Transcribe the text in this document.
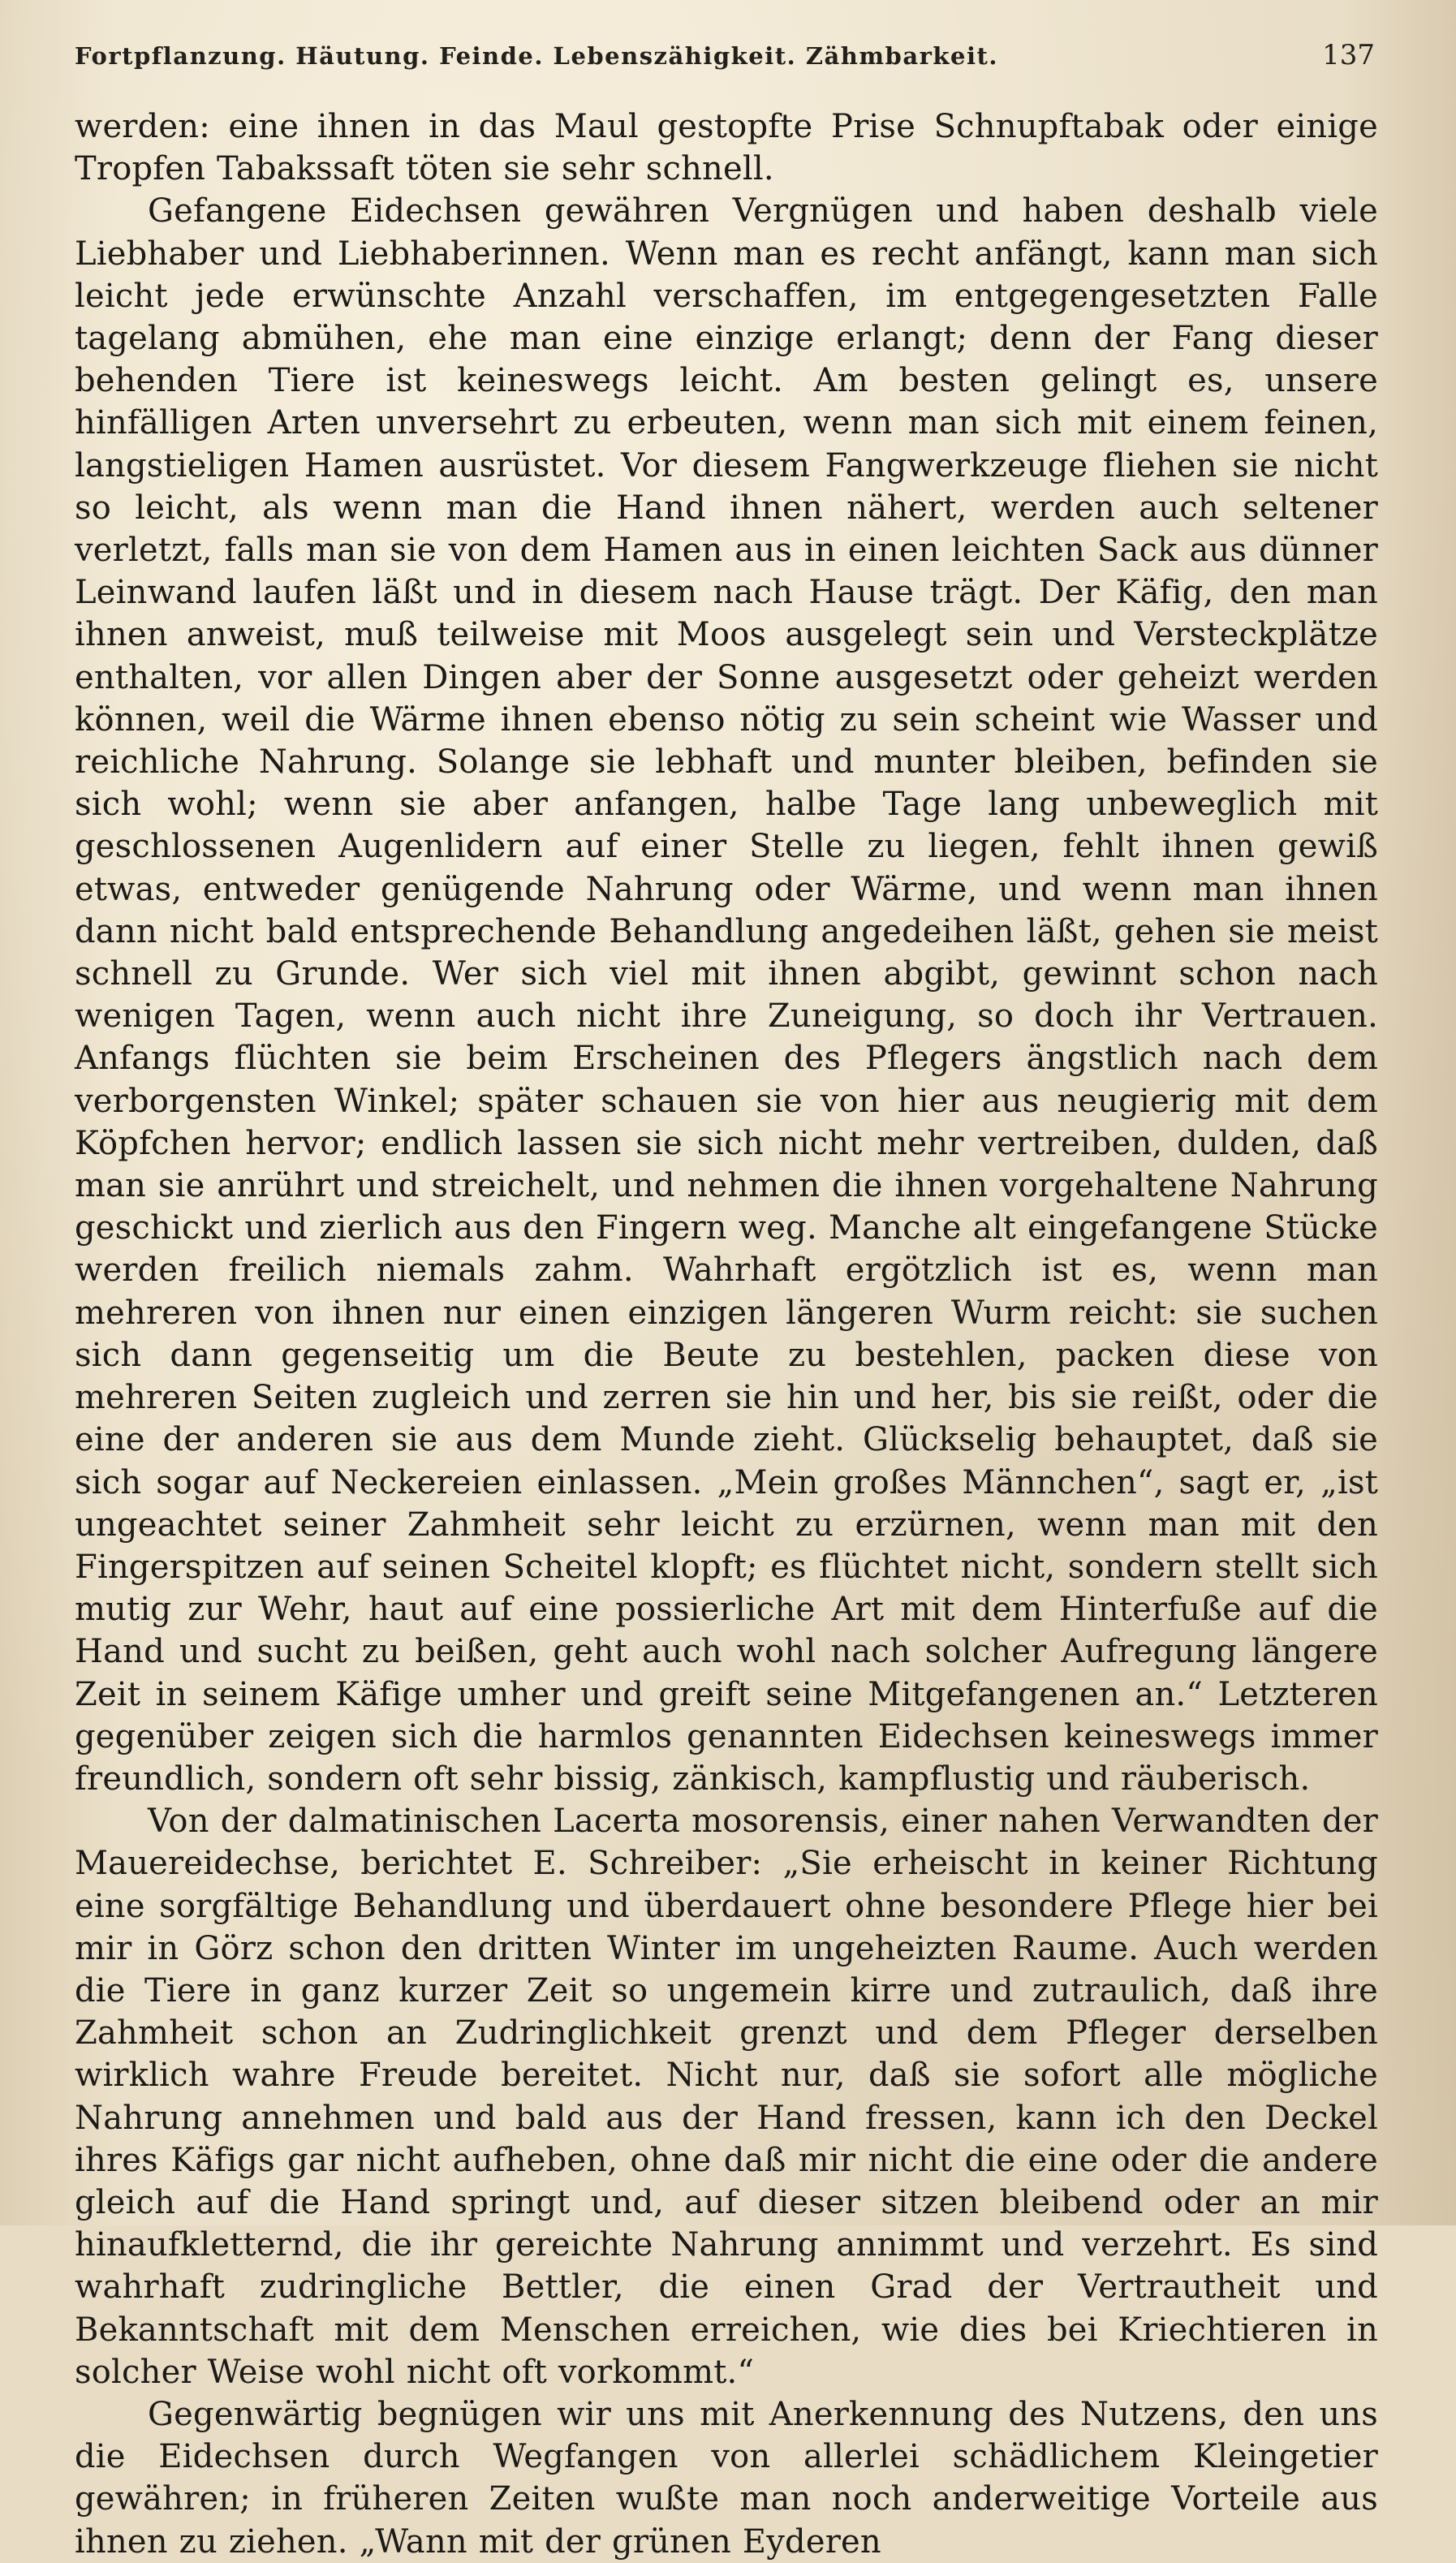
Fortpflanzung. Häutung. Feinde. Lebenszähigkeit. Zähmbarkeit.	137

werden: eine ihnen in das Maul gestopfte Prise Schnupftabak oder einige Tropfen Tabakssaft töten sie sehr schnell.

Gefangene Eidechsen gewähren Vergnügen und haben deshalb viele Liebhaber und Liebhaberinnen. Wenn man es recht anfängt, kann man sich leicht jede erwünschte Anzahl verschaffen, im entgegengesetzten Falle tagelang abmühen, ehe man eine einzige erlangt; denn der Fang dieser behenden Tiere ist keineswegs leicht. Am besten gelingt es, unsere hinfälligen Arten unversehrt zu erbeuten, wenn man sich mit einem feinen, langstieligen Hamen ausrüstet. Vor diesem Fangwerkzeuge fliehen sie nicht so leicht, als wenn man die Hand ihnen nähert, werden auch seltener verletzt, falls man sie von dem Hamen aus in einen leichten Sack aus dünner Leinwand laufen läßt und in diesem nach Hause trägt. Der Käfig, den man ihnen anweist, muß teilweise mit Moos ausgelegt sein und Versteckplätze enthalten, vor allen Dingen aber der Sonne ausgesetzt oder geheizt werden können, weil die Wärme ihnen ebenso nötig zu sein scheint wie Wasser und reichliche Nahrung. Solange sie lebhaft und munter bleiben, befinden sie sich wohl; wenn sie aber anfangen, halbe Tage lang unbeweglich mit geschlossenen Augenlidern auf einer Stelle zu liegen, fehlt ihnen gewiß etwas, entweder genügende Nahrung oder Wärme, und wenn man ihnen dann nicht bald entsprechende Behandlung angedeihen läßt, gehen sie meist schnell zu Grunde. Wer sich viel mit ihnen abgibt, gewinnt schon nach wenigen Tagen, wenn auch nicht ihre Zuneigung, so doch ihr Vertrauen. Anfangs flüchten sie beim Erscheinen des Pflegers ängstlich nach dem verborgensten Winkel; später schauen sie von hier aus neugierig mit dem Köpfchen hervor; endlich lassen sie sich nicht mehr vertreiben, dulden, daß man sie anrührt und streichelt, und nehmen die ihnen vorgehaltene Nahrung geschickt und zierlich aus den Fingern weg. Manche alt eingefangene Stücke werden freilich niemals zahm. Wahrhaft ergötzlich ist es, wenn man mehreren von ihnen nur einen einzigen längeren Wurm reicht: sie suchen sich dann gegenseitig um die Beute zu bestehlen, packen diese von mehreren Seiten zugleich und zerren sie hin und her, bis sie reißt, oder die eine der anderen sie aus dem Munde zieht. Glückselig behauptet, daß sie sich sogar auf Neckereien einlassen. „Mein großes Männchen“, sagt er, „ist ungeachtet seiner Zahmheit sehr leicht zu erzürnen, wenn man mit den Fingerspitzen auf seinen Scheitel klopft; es flüchtet nicht, sondern stellt sich mutig zur Wehr, haut auf eine possierliche Art mit dem Hinterfuße auf die Hand und sucht zu beißen, geht auch wohl nach solcher Aufregung längere Zeit in seinem Käfige umher und greift seine Mitgefangenen an.“ Letzteren gegenüber zeigen sich die harmlos genannten Eidechsen keineswegs immer freundlich, sondern oft sehr bissig, zänkisch, kampflustig und räuberisch.

Von der dalmatinischen Lacerta mosorensis, einer nahen Verwandten der Mauereidechse, berichtet E. Schreiber: „Sie erheischt in keiner Richtung eine sorgfältige Behandlung und überdauert ohne besondere Pflege hier bei mir in Görz schon den dritten Winter im ungeheizten Raume. Auch werden die Tiere in ganz kurzer Zeit so ungemein kirre und zutraulich, daß ihre Zahmheit schon an Zudringlichkeit grenzt und dem Pfleger derselben wirklich wahre Freude bereitet. Nicht nur, daß sie sofort alle mögliche Nahrung annehmen und bald aus der Hand fressen, kann ich den Deckel ihres Käfigs gar nicht aufheben, ohne daß mir nicht die eine oder die andere gleich auf die Hand springt und, auf dieser sitzen bleibend oder an mir hinaufkletternd, die ihr gereichte Nahrung annimmt und verzehrt. Es sind wahrhaft zudringliche Bettler, die einen Grad der Vertrautheit und Bekanntschaft mit dem Menschen erreichen, wie dies bei Kriechtieren in solcher Weise wohl nicht oft vorkommt.“

Gegenwärtig begnügen wir uns mit Anerkennung des Nutzens, den uns die Eidechsen durch Wegfangen von allerlei schädlichem Kleingetier gewähren; in früheren Zeiten wußte man noch anderweitige Vorteile aus ihnen zu ziehen. „Wann mit der grünen Eyderen
